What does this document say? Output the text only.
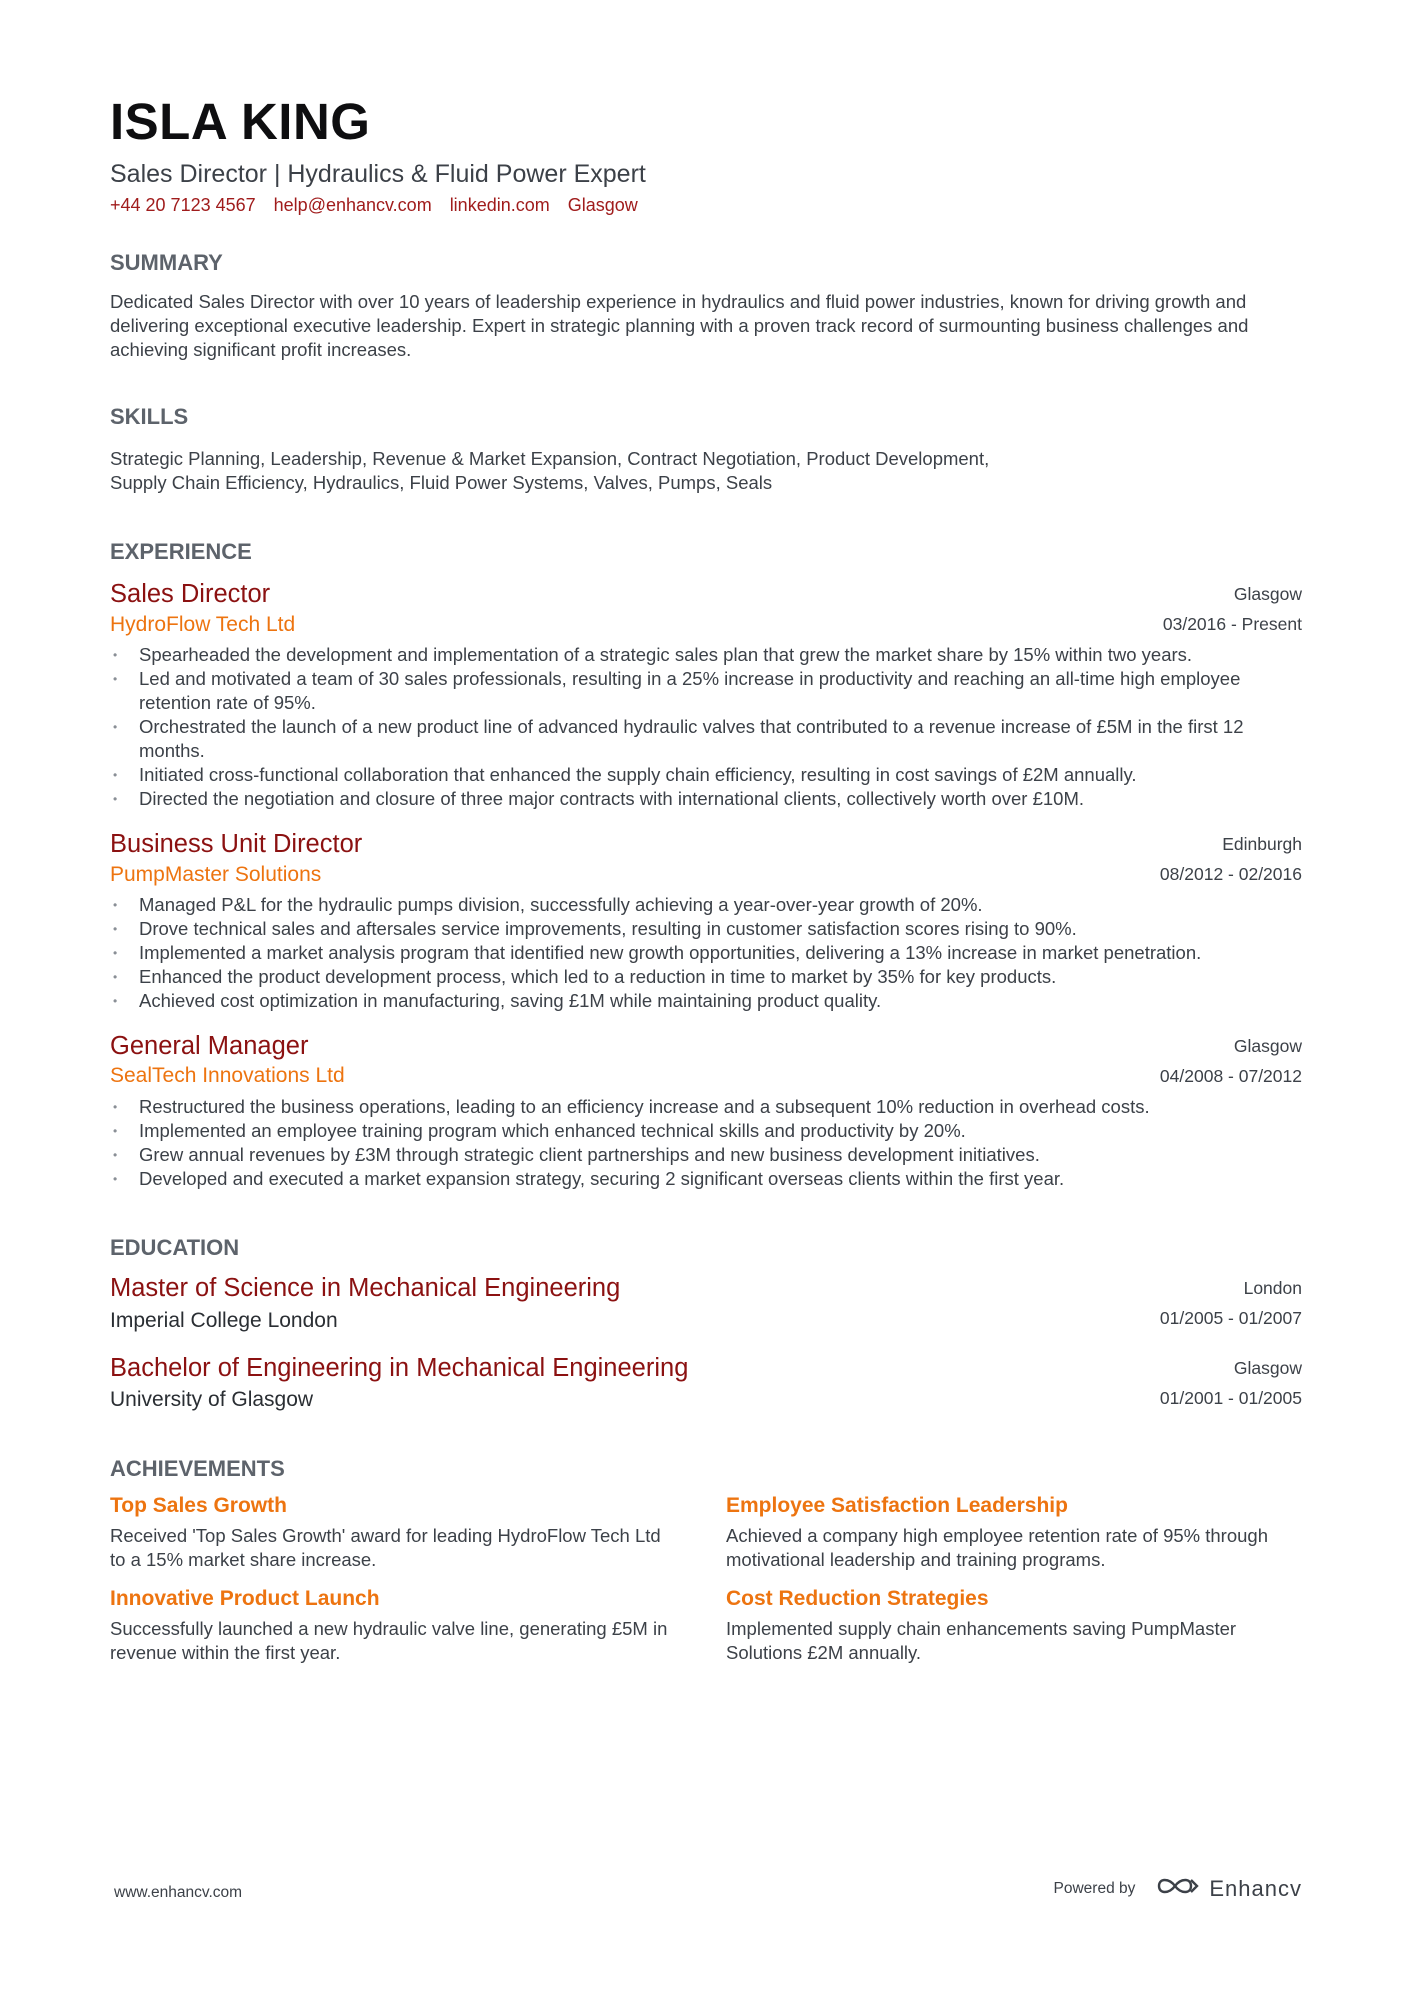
ISLA KING
Sales Director | Hydraulics & Fluid Power Expert
+44 20 7123 4567 help@enhancv.com linkedin.com Glasgow
SUMMARY
Dedicated Sales Director with over 10 years of leadership experience in hydraulics and fluid power industries, known for driving growth and delivering exceptional executive leadership. Expert in strategic planning with a proven track record of surmounting business challenges and achieving significant profit increases.
SKILLS
Strategic Planning, Leadership, Revenue & Market Expansion, Contract Negotiation, Product Development,
Supply Chain Efficiency, Hydraulics, Fluid Power Systems, Valves, Pumps, Seals
EXPERIENCE
Sales Director
HydroFlow Tech Ltd
Glasgow
03/2016 - Present
• Spearheaded the development and implementation of a strategic sales plan that grew the market share by 15% within two years.
• Led and motivated a team of 30 sales professionals, resulting in a 25% increase in productivity and reaching an all-time high employee retention rate of 95%.
• Orchestrated the launch of a new product line of advanced hydraulic valves that contributed to a revenue increase of £5M in the first 12 months.
• Initiated cross-functional collaboration that enhanced the supply chain efficiency, resulting in cost savings of £2M annually.
• Directed the negotiation and closure of three major contracts with international clients, collectively worth over £10M.
Business Unit Director
PumpMaster Solutions
Edinburgh
08/2012 - 02/2016
• Managed P&L for the hydraulic pumps division, successfully achieving a year-over-year growth of 20%.
• Drove technical sales and aftersales service improvements, resulting in customer satisfaction scores rising to 90%.
• Implemented a market analysis program that identified new growth opportunities, delivering a 13% increase in market penetration.
• Enhanced the product development process, which led to a reduction in time to market by 35% for key products.
• Achieved cost optimization in manufacturing, saving £1M while maintaining product quality.
General Manager
SealTech Innovations Ltd
Glasgow
04/2008 - 07/2012
• Restructured the business operations, leading to an efficiency increase and a subsequent 10% reduction in overhead costs.
• Implemented an employee training program which enhanced technical skills and productivity by 20%.
• Grew annual revenues by £3M through strategic client partnerships and new business development initiatives.
• Developed and executed a market expansion strategy, securing 2 significant overseas clients within the first year.
EDUCATION
Master of Science in Mechanical Engineering
Imperial College London
London
01/2005 - 01/2007
Bachelor of Engineering in Mechanical Engineering
University of Glasgow
Glasgow
01/2001 - 01/2005
ACHIEVEMENTS
Top Sales Growth
Received 'Top Sales Growth' award for leading HydroFlow Tech Ltd to a 15% market share increase.
Employee Satisfaction Leadership
Achieved a company high employee retention rate of 95% through motivational leadership and training programs.
Innovative Product Launch
Successfully launched a new hydraulic valve line, generating £5M in revenue within the first year.
Cost Reduction Strategies
Implemented supply chain enhancements saving PumpMaster Solutions £2M annually.
www.enhancv.com	Powered by	Enhancv
